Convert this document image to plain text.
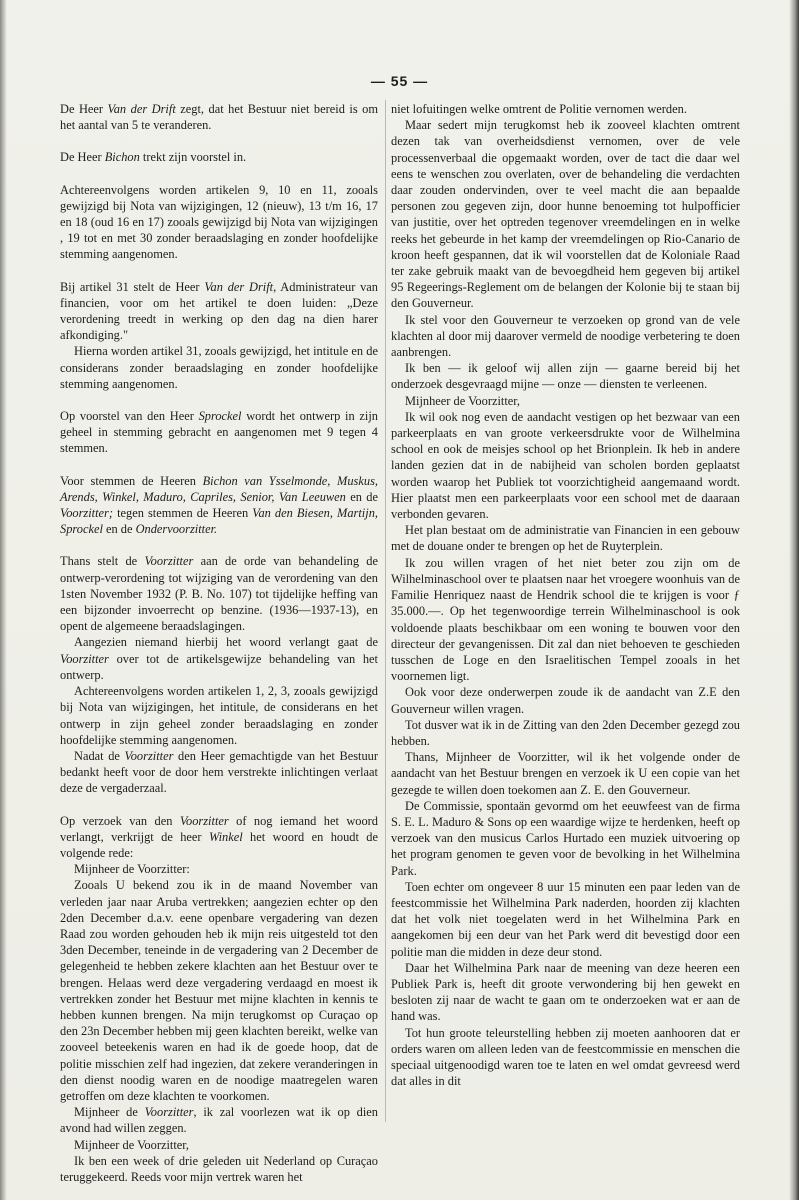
— 55 —

De Heer Van der Drift zegt, dat het Bestuur niet bereid is om het aantal van 5 te veranderen.

De Heer Bichon trekt zijn voorstel in.

Achtereenvolgens worden artikelen 9, 10 en 11, zooals gewijzigd bij Nota van wijzigingen, 12 (nieuw), 13 t/m 16, 17 en 18 (oud 16 en 17) zooals gewijzigd bij Nota van wijzigingen , 19 tot en met 30 zonder beraadslaging en zonder hoofdelijke stemming aangenomen.

Bij artikel 31 stelt de Heer Van der Drift, Administrateur van financien, voor om het artikel te doen luiden: „Deze verordening treedt in werking op den dag na dien harer afkondiging."

Hierna worden artikel 31, zooals gewijzigd, het intitule en de considerans zonder beraadslaging en zonder hoofdelijke stemming aangenomen.

Op voorstel van den Heer Sprockel wordt het ontwerp in zijn geheel in stemming gebracht en aangenomen met 9 tegen 4 stemmen.

Voor stemmen de Heeren Bichon van Ysselmonde, Muskus, Arends, Winkel, Maduro, Capriles, Senior, Van Leeuwen en de Voorzitter; tegen stemmen de Heeren Van den Biesen, Martijn, Sprockel en de Ondervoorzitter.

Thans stelt de Voorzitter aan de orde van behandeling de ontwerp-verordening tot wijziging van de verordening van den 1sten November 1932 (P. B. No. 107) tot tijdelijke heffing van een bijzonder invoerrecht op benzine. (1936—1937-13), en opent de algemeene beraadslagingen.

Aangezien niemand hierbij het woord verlangt gaat de Voorzitter over tot de artikelsgewijze behandeling van het ontwerp.

Achtereenvolgens worden artikelen 1, 2, 3, zooals gewijzigd bij Nota van wijzigingen, het intitule, de considerans en het ontwerp in zijn geheel zonder beraadslaging en zonder hoofdelijke stemming aangenomen.

Nadat de Voorzitter den Heer gemachtigde van het Bestuur bedankt heeft voor de door hem verstrekte inlichtingen verlaat deze de vergaderzaal.

Op verzoek van den Voorzitter of nog iemand het woord verlangt, verkrijgt de heer Winkel het woord en houdt de volgende rede:

Mijnheer de Voorzitter:

Zooals U bekend zou ik in de maand November van verleden jaar naar Aruba vertrekken; aangezien echter op den 2den December d.a.v. eene openbare vergadering van dezen Raad zou worden gehouden heb ik mijn reis uitgesteld tot den 3den December, teneinde in de vergadering van 2 December de gelegenheid te hebben zekere klachten aan het Bestuur over te brengen. Helaas werd deze vergadering verdaagd en moest ik vertrekken zonder het Bestuur met mijne klachten in kennis te hebben kunnen brengen. Na mijn terugkomst op Curaçao op den 23n December hebben mij geen klachten bereikt, welke van zooveel beteekenis waren en had ik de goede hoop, dat de politie misschien zelf had ingezien, dat zekere veranderingen in den dienst noodig waren en de noodige maatregelen waren getroffen om deze klachten te voorkomen.

Mijnheer de Voorzitter, ik zal voorlezen wat ik op dien avond had willen zeggen.

Mijnheer de Voorzitter,

Ik ben een week of drie geleden uit Nederland op Curaçao teruggekeerd. Reeds voor mijn vertrek waren het

niet lofuitingen welke omtrent de Politie vernomen werden.

Maar sedert mijn terugkomst heb ik zooveel klachten omtrent dezen tak van overheidsdienst vernomen, over de vele processenverbaal die opgemaakt worden, over de tact die daar wel eens te wenschen zou overlaten, over de behandeling die verdachten daar zouden ondervinden, over te veel macht die aan bepaalde personen zou gegeven zijn, door hunne benoeming tot hulpofficier van justitie, over het optreden tegenover vreemdelingen en in welke reeks het gebeurde in het kamp der vreemdelingen op Rio-Canario de kroon heeft gespannen, dat ik wil voorstellen dat de Koloniale Raad ter zake gebruik maakt van de bevoegdheid hem gegeven bij artikel 95 Regeerings-Reglement om de belangen der Kolonie bij te staan bij den Gouverneur.

Ik stel voor den Gouverneur te verzoeken op grond van de vele klachten al door mij daarover vermeld de noodige verbetering te doen aanbrengen.

Ik ben — ik geloof wij allen zijn — gaarne bereid bij het onderzoek desgevraagd mijne — onze — diensten te verleenen.

Mijnheer de Voorzitter,

Ik wil ook nog even de aandacht vestigen op het bezwaar van een parkeerplaats en van groote verkeersdrukte voor de Wilhelmina school en ook de meisjes school op het Brionplein. Ik heb in andere landen gezien dat in de nabijheid van scholen borden geplaatst worden waarop het Publiek tot voorzichtigheid aangemaand wordt. Hier plaatst men een parkeerplaats voor een school met de daaraan verbonden gevaren.

Het plan bestaat om de administratie van Financien in een gebouw met de douane onder te brengen op het de Ruyterplein.

Ik zou willen vragen of het niet beter zou zijn om de Wilhelminaschool over te plaatsen naar het vroegere woonhuis van de Familie Henriquez naast de Hendrik school die te krijgen is voor ƒ 35.000.—. Op het tegenwoordige terrein Wilhelminaschool is ook voldoende plaats beschikbaar om een woning te bouwen voor den directeur der gevangenissen. Dit zal dan niet behoeven te geschieden tusschen de Loge en den Israelitischen Tempel zooals in het voornemen ligt.

Ook voor deze onderwerpen zoude ik de aandacht van Z.E den Gouverneur willen vragen.

Tot dusver wat ik in de Zitting van den 2den December gezegd zou hebben.

Thans, Mijnheer de Voorzitter, wil ik het volgende onder de aandacht van het Bestuur brengen en verzoek ik U een copie van het gezegde te willen doen toekomen aan Z. E. den Gouverneur.

De Commissie, spontaän gevormd om het eeuwfeest van de firma S. E. L. Maduro & Sons op een waardige wijze te herdenken, heeft op verzoek van den musicus Carlos Hurtado een muziek uitvoering op het program genomen te geven voor de bevolking in het Wilhelmina Park.

Toen echter om ongeveer 8 uur 15 minuten een paar leden van de feestcommissie het Wilhelmina Park naderden, hoorden zij klachten dat het volk niet toegelaten werd in het Wilhelmina Park en aangekomen bij een deur van het Park werd dit bevestigd door een politie man die midden in deze deur stond.

Daar het Wilhelmina Park naar de meening van deze heeren een Publiek Park is, heeft dit groote verwondering bij hen gewekt en besloten zij naar de wacht te gaan om te onderzoeken wat er aan de hand was.

Tot hun groote teleurstelling hebben zij moeten aanhooren dat er orders waren om alleen leden van de feestcommissie en menschen die speciaal uitgenoodigd waren toe te laten en wel omdat gevreesd werd dat alles in dit
